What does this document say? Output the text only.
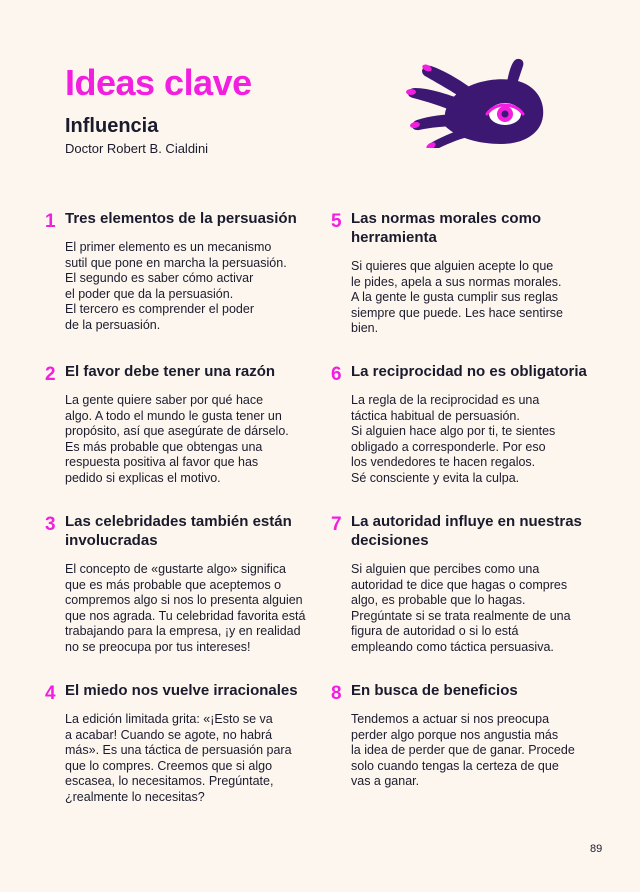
Ideas clave
Influencia
Doctor Robert B. Cialdini
1 Tres elementos de la persuasión

El primer elemento es un mecanismo
sutil que pone en marcha la persuasión.
El segundo es saber cómo activar
el poder que da la persuasión.
El tercero es comprender el poder
de la persuasión.

2 El favor debe tener una razón

La gente quiere saber por qué hace
algo. A todo el mundo le gusta tener un
propósito, así que asegúrate de dárselo.
Es más probable que obtengas una
respuesta positiva al favor que has
pedido si explicas el motivo.

3 Las celebridades también están
involucradas

El concepto de «gustarte algo» significa
que es más probable que aceptemos o
compremos algo si nos lo presenta alguien
que nos agrada. Tu celebridad favorita está
trabajando para la empresa, ¡y en realidad
no se preocupa por tus intereses!

4 El miedo nos vuelve irracionales

La edición limitada grita: «¡Esto se va
a acabar! Cuando se agote, no habrá
más». Es una táctica de persuasión para
que lo compres. Creemos que si algo
escasea, lo necesitamos. Pregúntate,
¿realmente lo necesitas?

5 Las normas morales como
herramienta

Si quieres que alguien acepte lo que
le pides, apela a sus normas morales.
A la gente le gusta cumplir sus reglas
siempre que puede. Les hace sentirse
bien.

6 La reciprocidad no es obligatoria

La regla de la reciprocidad es una
táctica habitual de persuasión.
Si alguien hace algo por ti, te sientes
obligado a corresponderle. Por eso
los vendedores te hacen regalos.
Sé consciente y evita la culpa.

7 La autoridad influye en nuestras
decisiones

Si alguien que percibes como una
autoridad te dice que hagas o compres
algo, es probable que lo hagas.
Pregúntate si se trata realmente de una
figura de autoridad o si lo está
empleando como táctica persuasiva.

8 En busca de beneficios

Tendemos a actuar si nos preocupa
perder algo porque nos angustia más
la idea de perder que de ganar. Procede
solo cuando tengas la certeza de que
vas a ganar.

89
